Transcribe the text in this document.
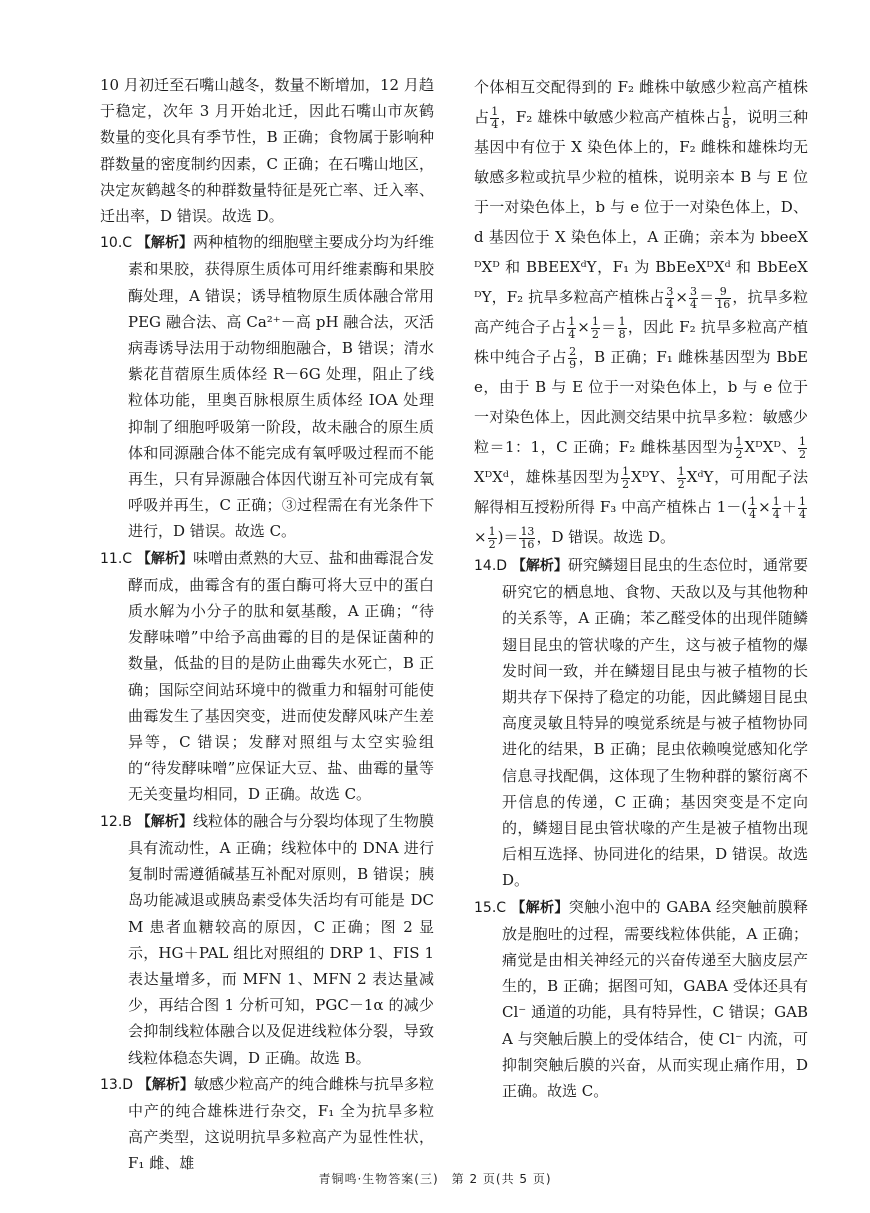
10 月初迁至石嘴山越冬，数量不断增加，12 月趋于稳定，次年 3 月开始北迁，因此石嘴山市灰鹤数量的变化具有季节性，B 正确；食物属于影响种群数量的密度制约因素，C 正确；在石嘴山地区，决定灰鹤越冬的种群数量特征是死亡率、迁入率、迁出率，D 错误。故选 D。

10.C 【解析】两种植物的细胞壁主要成分均为纤维素和果胶，获得原生质体可用纤维素酶和果胶酶处理，A 错误；诱导植物原生质体融合常用 PEG 融合法、高 Ca²⁺－高 pH 融合法，灭活病毒诱导法用于动物细胞融合，B 错误；清水紫花苜蓿原生质体经 R－6G 处理，阻止了线粒体功能，里奥百脉根原生质体经 IOA 处理抑制了细胞呼吸第一阶段，故未融合的原生质体和同源融合体不能完成有氧呼吸过程而不能再生，只有异源融合体因代谢互补可完成有氧呼吸并再生，C 正确；③过程需在有光条件下进行，D 错误。故选 C。

11.C 【解析】味噌由煮熟的大豆、盐和曲霉混合发酵而成，曲霉含有的蛋白酶可将大豆中的蛋白质水解为小分子的肽和氨基酸，A 正确；“待发酵味噌”中给予高曲霉的目的是保证菌种的数量，低盐的目的是防止曲霉失水死亡，B 正确；国际空间站环境中的微重力和辐射可能使曲霉发生了基因突变，进而使发酵风味产生差异等，C 错误；发酵对照组与太空实验组的“待发酵味噌”应保证大豆、盐、曲霉的量等无关变量均相同，D 正确。故选 C。

12.B 【解析】线粒体的融合与分裂均体现了生物膜具有流动性，A 正确；线粒体中的 DNA 进行复制时需遵循碱基互补配对原则，B 错误；胰岛功能减退或胰岛素受体失活均有可能是 DCM 患者血糖较高的原因，C 正确；图 2 显示，HG＋PAL 组比对照组的 DRP 1、FIS 1 表达量增多，而 MFN 1、MFN 2 表达量减少，再结合图 1 分析可知，PGC－1α 的减少会抑制线粒体融合以及促进线粒体分裂，导致线粒体稳态失调，D 正确。故选 B。

13.D 【解析】敏感少粒高产的纯合雌株与抗旱多粒中产的纯合雄株进行杂交，F₁ 全为抗旱多粒高产类型，这说明抗旱多粒高产为显性性状，F₁ 雌、雄

个体相互交配得到的 F₂ 雌株中敏感少粒高产植株占 $\frac{1}{4}$ ，F₂ 雄株中敏感少粒高产植株占 $\frac{1}{8}$ ，说明三种基因中有位于 X 染色体上的，F₂ 雌株和雄株均无敏感多粒或抗旱少粒的植株，说明亲本 B 与 E 位于一对染色体上，b 与 e 位于一对染色体上，D、d 基因位于 X 染色体上，A 正确；亲本为 bbeeXᴰXᴰ 和 BBEEXᵈY，F₁ 为 BbEeXᴰXᵈ 和 BbEeXᴰY，F₂ 抗旱多粒高产植株占 $\frac{3}{4} \times \frac{3}{4} = \frac{9}{16}$ ，抗旱多粒高产纯合子占 $\frac{1}{4} \times \frac{1}{2} = \frac{1}{8}$ ，因此 F₂ 抗旱多粒高产植株中纯合子占 $\frac{2}{9}$ ，B 正确；F₁ 雌株基因型为 BbEe，由于 B 与 E 位于一对染色体上，b 与 e 位于一对染色体上，因此测交结果中抗旱多粒：敏感少粒＝1：1，C 正确；F₂ 雌株基因型为 $\frac{1}{2}$ XᴰXᴰ、 $\frac{1}{2}$
XᴰXᵈ，雄株基因型为 $\frac{1}{2}$ XᴰY、 $\frac{1}{2}$ XᵈY，可用配子法解得相互授粉所得 F₃ 中高产植株占 $1-( \frac{1}{4} \times \frac{1}{4} + \frac{1}{4}$
× $\frac{1}{2}$ )＝ $\frac{13}{16}$ ，D 错误。故选 D。

14.D 【解析】研究鳞翅目昆虫的生态位时，通常要研究它的栖息地、食物、天敌以及与其他物种的关系等，A 正确；苯乙醛受体的出现伴随鳞翅目昆虫的管状喙的产生，这与被子植物的爆发时间一致，并在鳞翅目昆虫与被子植物的长期共存下保持了稳定的功能，因此鳞翅目昆虫高度灵敏且特异的嗅觉系统是与被子植物协同进化的结果，B 正确；昆虫依赖嗅觉感知化学信息寻找配偶，这体现了生物种群的繁衍离不开信息的传递，C 正确；基因突变是不定向的，鳞翅目昆虫管状喙的产生是被子植物出现后相互选择、协同进化的结果，D 错误。故选 D。

15.C 【解析】突触小泡中的 GABA 经突触前膜释放是胞吐的过程，需要线粒体供能，A 正确；痛觉是由相关神经元的兴奋传递至大脑皮层产生的，B 正确；据图可知，GABA 受体还具有 Cl⁻ 通道的功能，具有特异性，C 错误；GABA 与突触后膜上的受体结合，使 Cl⁻ 内流，可抑制突触后膜的兴奋，从而实现止痛作用，D 正确。故选 C。

青铜鸣·生物答案(三)　第 2 页(共 5 页)
